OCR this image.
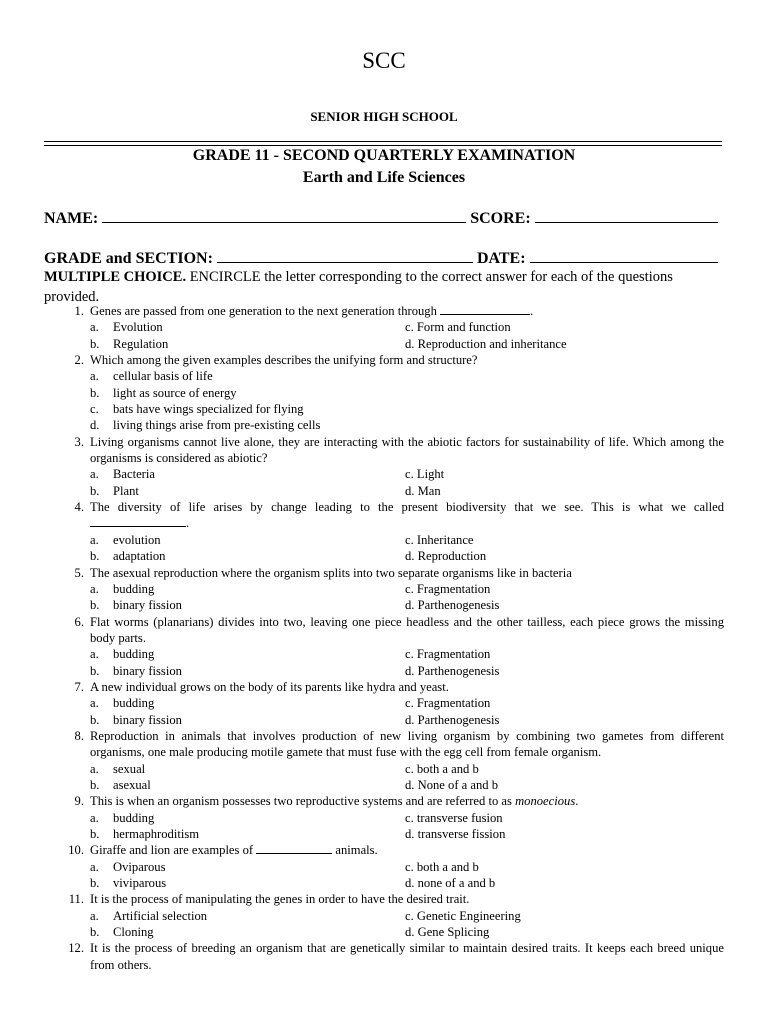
SCC
SENIOR HIGH SCHOOL
GRADE 11 - SECOND QUARTERLY EXAMINATION
Earth and Life Sciences
NAME:	SCORE:
GRADE and SECTION:	DATE:
MULTIPLE CHOICE. ENCIRCLE the letter corresponding to the correct answer for each of the questions provided.
1. Genes are passed from one generation to the next generation through	.
a. Evolution	c. Form and function
b. Regulation	d. Reproduction and inheritance
2. Which among the given examples describes the unifying form and structure?
a. cellular basis of life
b. light as source of energy
c. bats have wings specialized for flying
d. living things arise from pre-existing cells
3. Living organisms cannot live alone, they are interacting with the abiotic factors for sustainability of life. Which among the organisms is considered as abiotic?
a. Bacteria	c. Light
b. Plant	d. Man
4. The diversity of life arises by change leading to the present biodiversity that we see. This is what we called .
a. evolution	c. Inheritance
b. adaptation	d. Reproduction
5. The asexual reproduction where the organism splits into two separate organisms like in bacteria
a. budding	c. Fragmentation
b. binary fission	d. Parthenogenesis
6. Flat worms (planarians) divides into two, leaving one piece headless and the other tailless, each piece grows the missing body parts.
a. budding	c. Fragmentation
b. binary fission	d. Parthenogenesis
7. A new individual grows on the body of its parents like hydra and yeast.
a. budding	c. Fragmentation
b. binary fission	d. Parthenogenesis
8. Reproduction in animals that involves production of new living organism by combining two gametes from different organisms, one male producing motile gamete that must fuse with the egg cell from female organism.
a. sexual	c. both a and b
b. asexual	d. None of a and b
9. This is when an organism possesses two reproductive systems and are referred to as monoecious.
a. budding	c. transverse fusion
b. hermaphroditism	d. transverse fission
10. Giraffe and lion are examples of	animals.
a. Oviparous	c. both a and b
b. viviparous	d. none of a and b
11. It is the process of manipulating the genes in order to have the desired trait.
a. Artificial selection	c. Genetic Engineering
b. Cloning	d. Gene Splicing
12. It is the process of breeding an organism that are genetically similar to maintain desired traits. It keeps each breed unique from others.
